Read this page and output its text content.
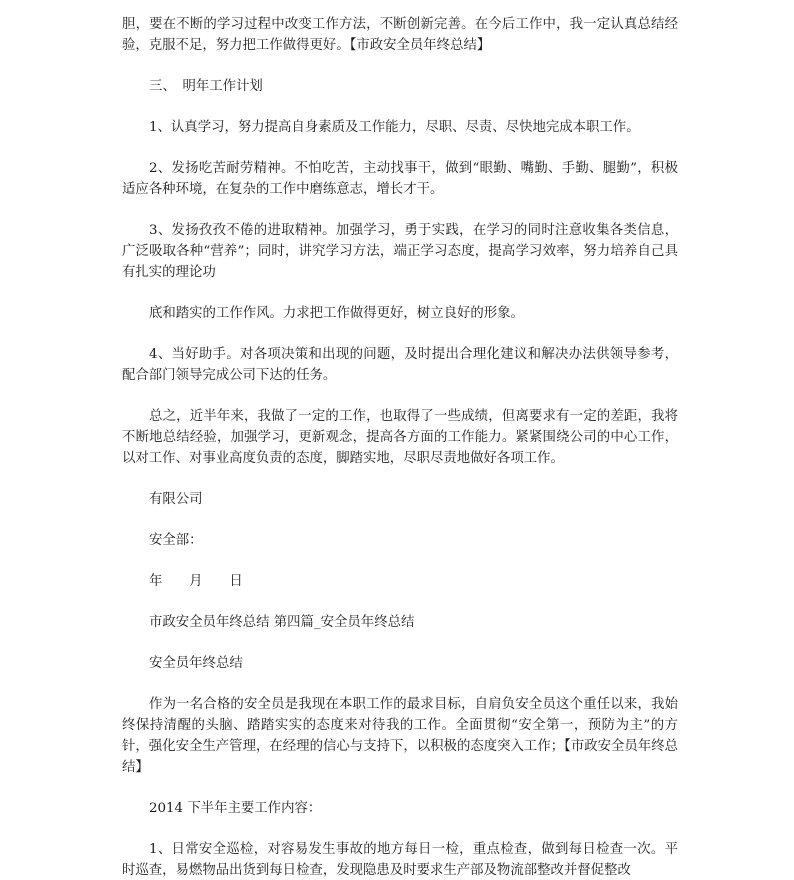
胆，要在不断的学习过程中改变工作方法，不断创新完善。在今后工作中，我一定认真总结经验，克服不足，努力把工作做得更好。【市政安全员年终总结】

三、　明年工作计划

1、认真学习，努力提高自身素质及工作能力，尽职、尽责、尽快地完成本职工作。

2、发扬吃苦耐劳精神。不怕吃苦，主动找事干，做到“眼勤、嘴勤、手勤、腿勤”，积极适应各种环境，在复杂的工作中磨练意志，增长才干。

3、发扬孜孜不倦的进取精神。加强学习，勇于实践，在学习的同时注意收集各类信息，广泛吸取各种“营养”；同时，讲究学习方法，端正学习态度，提高学习效率，努力培养自己具有扎实的理论功

底和踏实的工作作风。力求把工作做得更好，树立良好的形象。

4、当好助手。对各项决策和出现的问题，及时提出合理化建议和解决办法供领导参考，配合部门领导完成公司下达的任务。

总之，近半年来，我做了一定的工作，也取得了一些成绩，但离要求有一定的差距，我将不断地总结经验，加强学习，更新观念，提高各方面的工作能力。紧紧围绕公司的中心工作，以对工作、对事业高度负责的态度，脚踏实地，尽职尽责地做好各项工作。

有限公司

安全部：

年　　月　　日

市政安全员年终总结 第四篇_安全员年终总结

安全员年终总结

作为一名合格的安全员是我现在本职工作的最求目标，自肩负安全员这个重任以来，我始终保持清醒的头脑、踏踏实实的态度来对待我的工作。全面贯彻“安全第一，预防为主”的方针，强化安全生产管理，在经理的信心与支持下，以积极的态度突入工作；【市政安全员年终总结】

2014 下半年主要工作内容：

1、日常安全巡检，对容易发生事故的地方每日一检，重点检查，做到每日检查一次。平时巡查，易燃物品出货到每日检查，发现隐患及时要求生产部及物流部整改并督促整改
